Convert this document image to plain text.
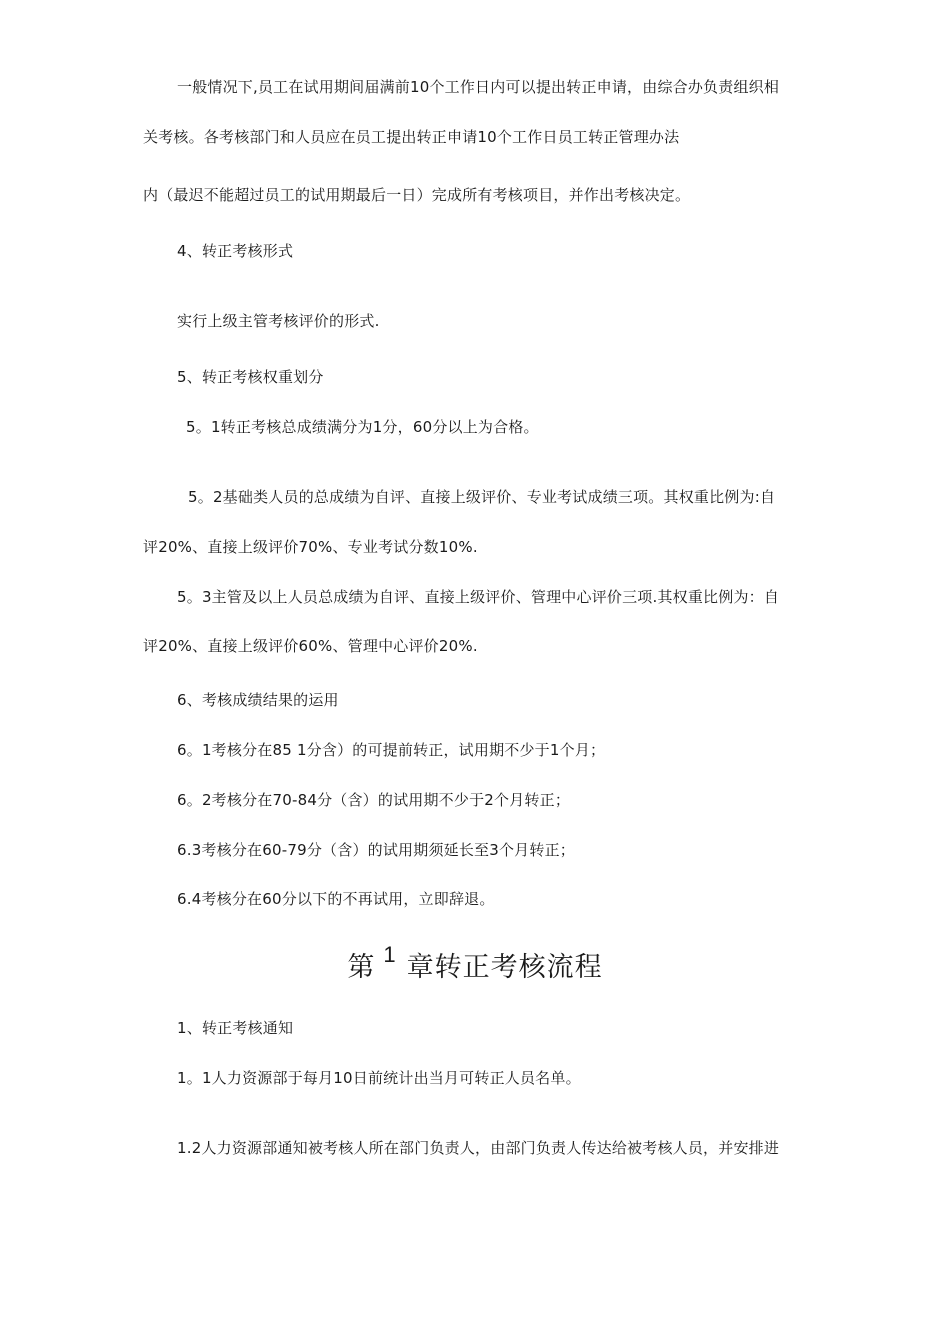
一般情况下,员工在试用期间届满前10个工作日内可以提出转正申请，由综合办负责组织相
关考核。各考核部门和人员应在员工提出转正申请10个工作日员工转正管理办法
内（最迟不能超过员工的试用期最后一日）完成所有考核项目，并作出考核决定。
4、转正考核形式
实行上级主管考核评价的形式.
5、转正考核权重划分
5。1转正考核总成绩满分为1分，60分以上为合格。
5。2基础类人员的总成绩为自评、直接上级评价、专业考试成绩三项。其权重比例为:自
评20%、直接上级评价70%、专业考试分数10%.
5。3主管及以上人员总成绩为自评、直接上级评价、管理中心评价三项.其权重比例为：自
评20%、直接上级评价60%、管理中心评价20%.
6、考核成绩结果的运用
6。1考核分在85 1分含）的可提前转正，试用期不少于1个月；
6。2考核分在70-84分（含）的试用期不少于2个月转正；
6.3考核分在60-79分（含）的试用期须延长至3个月转正；
6.4考核分在60分以下的不再试用，立即辞退。
第 1 章转正考核流程
1、转正考核通知
1。1人力资源部于每月10日前统计出当月可转正人员名单。
1.2人力资源部通知被考核人所在部门负责人，由部门负责人传达给被考核人员，并安排进
